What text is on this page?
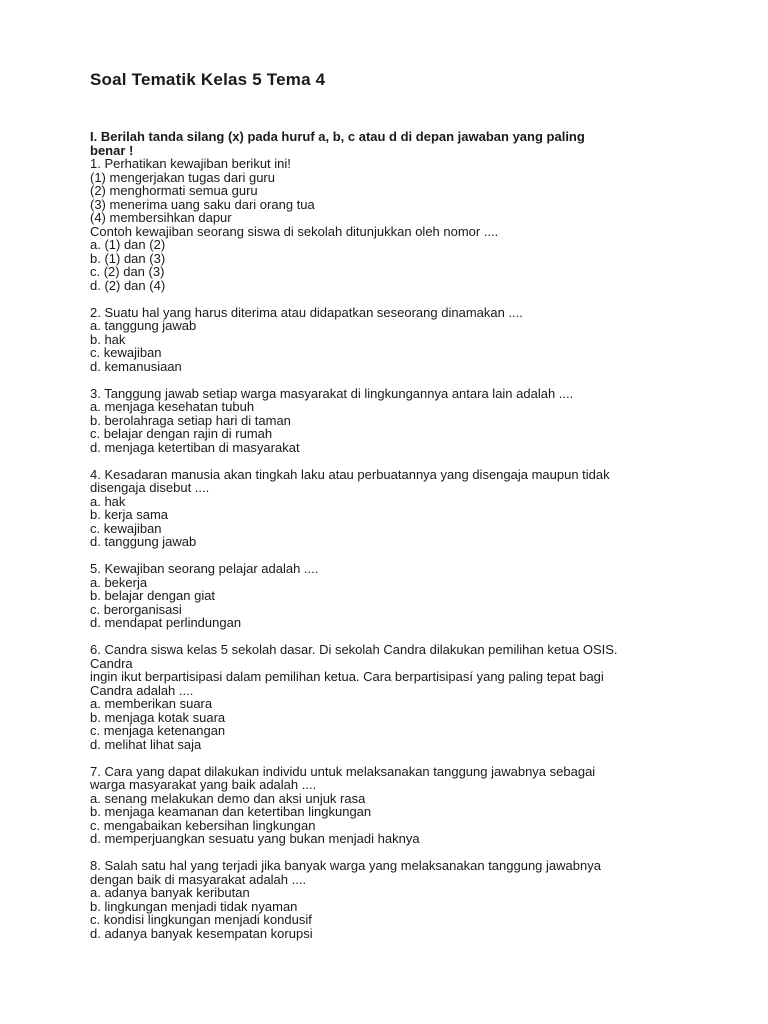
Soal Tematik Kelas 5 Tema 4
I. Berilah tanda silang (x) pada huruf a, b, c atau d di depan jawaban yang paling
benar !
1. Perhatikan kewajiban berikut ini!
(1) mengerjakan tugas dari guru
(2) menghormati semua guru
(3) menerima uang saku dari orang tua
(4) membersihkan dapur
Contoh kewajiban seorang siswa di sekolah ditunjukkan oleh nomor ....
a. (1) dan (2)
b. (1) dan (3)
c. (2) dan (3)
d. (2) dan (4)
2. Suatu hal yang harus diterima atau didapatkan seseorang dinamakan ....
a. tanggung jawab
b. hak
c. kewajiban
d. kemanusiaan
3. Tanggung jawab setiap warga masyarakat di lingkungannya antara lain adalah ....
a. menjaga kesehatan tubuh
b. berolahraga setiap hari di taman
c. belajar dengan rajin di rumah
d. menjaga ketertiban di masyarakat
4. Kesadaran manusia akan tingkah laku atau perbuatannya yang disengaja maupun tidak
disengaja disebut ....
a. hak
b. kerja sama
c. kewajiban
d. tanggung jawab
5. Kewajiban seorang pelajar adalah ....
a. bekerja
b. belajar dengan giat
c. berorganisasi
d. mendapat perlindungan
6. Candra siswa kelas 5 sekolah dasar. Di sekolah Candra dilakukan pemilihan ketua OSIS.
Candra
ingin ikut berpartisipasi dalam pemilihan ketua. Cara berpartisipasí yang paling tepat bagi
Candra adalah ....
a. memberikan suara
b. menjaga kotak suara
c. menjaga ketenangan
d. melihat lihat saja
7. Cara yang dapat dilakukan individu untuk melaksanakan tanggung jawabnya sebagai
warga masyarakat yang baik adalah ....
a. senang melakukan demo dan aksi unjuk rasa
b. menjaga keamanan dan ketertiban lingkungan
c. mengabaikan kebersihan lingkungan
d. memperjuangkan sesuatu yang bukan menjadi haknya
8. Salah satu hal yang terjadi jika banyak warga yang melaksanakan tanggung jawabnya
dengan baik di masyarakat adalah ....
a. adanya banyak keributan
b. lingkungan menjadi tidak nyaman
c. kondisi lingkungan menjadi kondusif
d. adanya banyak kesempatan korupsi
